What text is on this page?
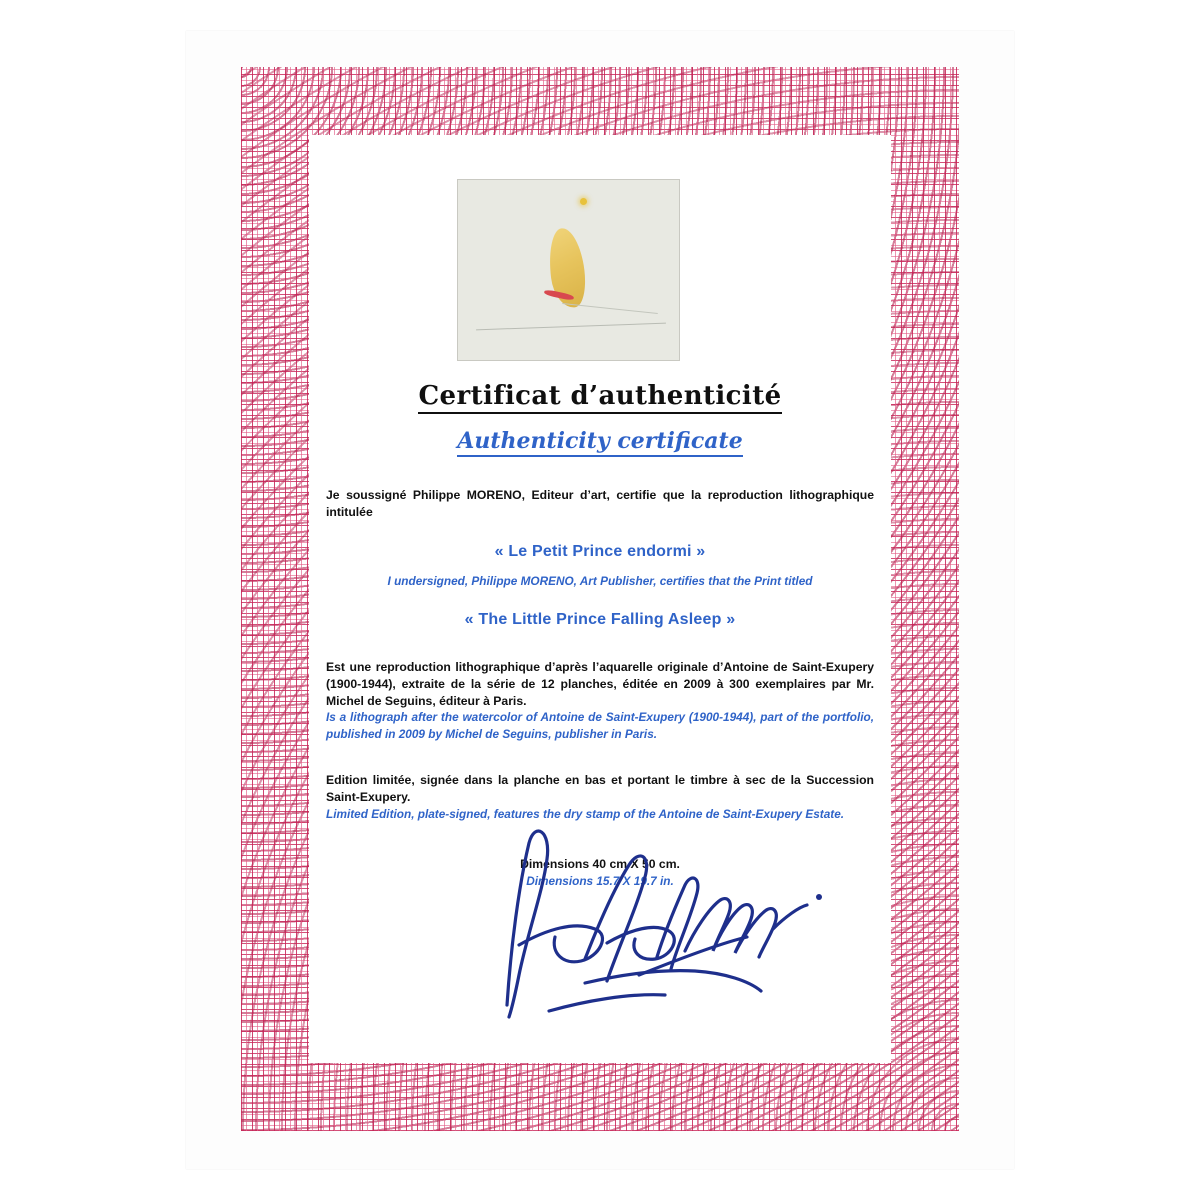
Certificat d’authenticité
Authenticity certificate

Je soussigné Philippe MORENO, Editeur d’art, certifie que la reproduction lithographique intitulée

« Le Petit Prince endormi »

I undersigned, Philippe MORENO, Art Publisher, certifies that the Print titled

« The Little Prince Falling Asleep »

Est une reproduction lithographique d’après l’aquarelle originale d’Antoine de Saint-Exupery (1900-1944), extraite de la série de 12 planches, éditée en 2009 à 300 exemplaires par Mr. Michel de Seguins, éditeur à Paris.

Is a lithograph after the watercolor of Antoine de Saint-Exupery (1900-1944), part of the portfolio, published in 2009 by Michel de Seguins, publisher in Paris.

Edition limitée, signée dans la planche en bas et portant le timbre à sec de la Succession Saint-Exupery.

Limited Edition, plate-signed, features the dry stamp of the Antoine de Saint-Exupery Estate.

Dimensions 40 cm X 50 cm.

Dimensions 15.7 X 19.7 in.
